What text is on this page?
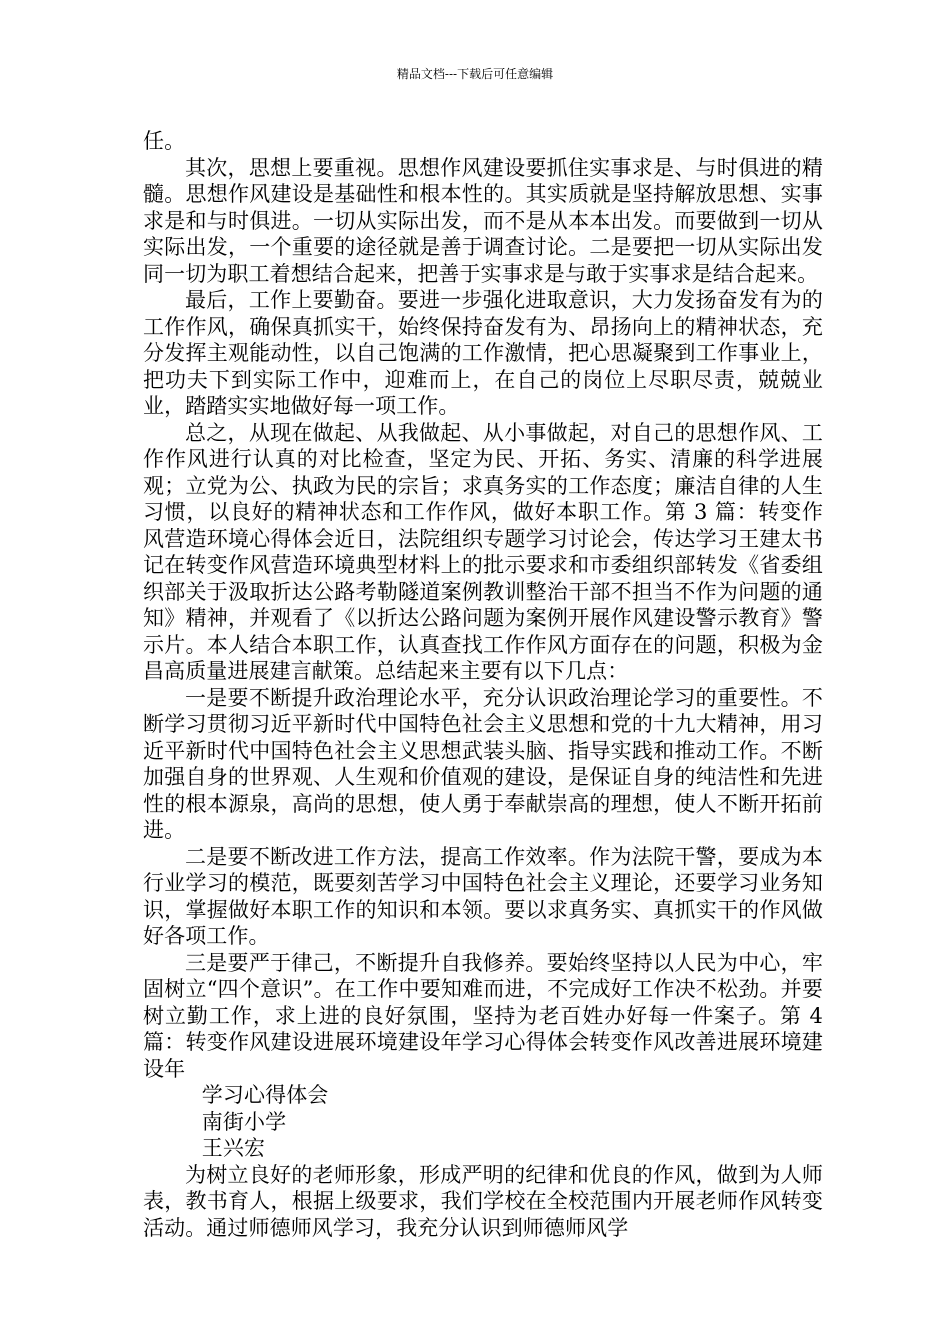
精品文档---下载后可任意编辑

任。

其次，思想上要重视。思想作风建设要抓住实事求是、与时俱进的精髓。思想作风建设是基础性和根本性的。其实质就是坚持解放思想、实事求是和与时俱进。一切从实际出发，而不是从本本出发。而要做到一切从实际出发，一个重要的途径就是善于调查讨论。二是要把一切从实际出发同一切为职工着想结合起来，把善于实事求是与敢于实事求是结合起来。

最后，工作上要勤奋。要进一步强化进取意识，大力发扬奋发有为的工作作风，确保真抓实干，始终保持奋发有为、昂扬向上的精神状态，充分发挥主观能动性，以自己饱满的工作激情，把心思凝聚到工作事业上，把功夫下到实际工作中，迎难而上，在自己的岗位上尽职尽责，兢兢业业，踏踏实实地做好每一项工作。

总之，从现在做起、从我做起、从小事做起，对自己的思想作风、工作作风进行认真的对比检查，坚定为民、开拓、务实、清廉的科学进展观；立党为公、执政为民的宗旨；求真务实的工作态度；廉洁自律的人生习惯，以良好的精神状态和工作作风，做好本职工作。第 3 篇：转变作风营造环境心得体会近日，法院组织专题学习讨论会，传达学习王建太书记在转变作风营造环境典型材料上的批示要求和市委组织部转发《省委组织部关于汲取折达公路考勒隧道案例教训整治干部不担当不作为问题的通知》精神，并观看了《以折达公路问题为案例开展作风建设警示教育》警示片。本人结合本职工作，认真查找工作作风方面存在的问题，积极为金昌高质量进展建言献策。总结起来主要有以下几点：

一是要不断提升政治理论水平，充分认识政治理论学习的重要性。不断学习贯彻习近平新时代中国特色社会主义思想和党的十九大精神，用习近平新时代中国特色社会主义思想武装头脑、指导实践和推动工作。不断加强自身的世界观、人生观和价值观的建设，是保证自身的纯洁性和先进性的根本源泉，高尚的思想，使人勇于奉献崇高的理想，使人不断开拓前进。

二是要不断改进工作方法，提高工作效率。作为法院干警，要成为本行业学习的模范，既要刻苦学习中国特色社会主义理论，还要学习业务知识，掌握做好本职工作的知识和本领。要以求真务实、真抓实干的作风做好各项工作。

三是要严于律己，不断提升自我修养。要始终坚持以人民为中心，牢固树立“四个意识”。在工作中要知难而进，不完成好工作决不松劲。并要树立勤工作，求上进的良好氛围，坚持为老百姓办好每一件案子。第 4 篇：转变作风建设进展环境建设年学习心得体会转变作风改善进展环境建设年

学习心得体会

南街小学

王兴宏

为树立良好的老师形象，形成严明的纪律和优良的作风，做到为人师表，教书育人，根据上级要求，我们学校在全校范围内开展老师作风转变活动。通过师德师风学习，我充分认识到师德师风学
